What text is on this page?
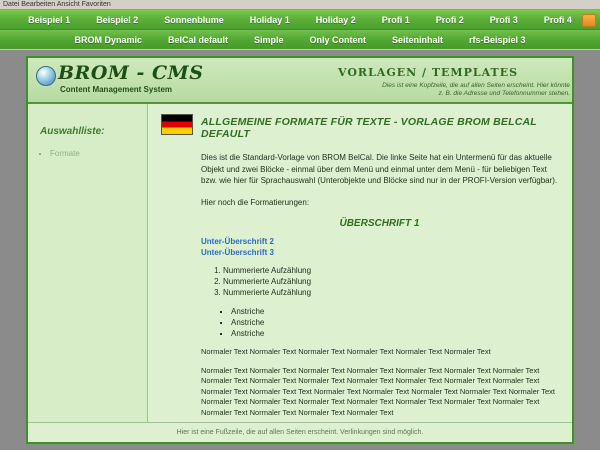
Datei Bearbeiten Ansicht Favoriten
Beispiel 1	Beispiel 2	Sonnenblume	Holiday 1	Holiday 2	Profi 1	Profi 2	Profi 3	Profi 4
BROM Dynamic	BelCal default	Simple	Only Content	Seiteninhalt	rfs-Beispiel 3
BROM - CMS
Content Management System
VORLAGEN / TEMPLATES
Dies ist eine Kopfzeile, die auf allen Seiten erscheint. Hier könnte z. B. die Adresse und Telefonnummer stehen.
Auswahlliste:
▪ Formate
ALLGEMEINE FORMATE FÜR TEXTE - VORLAGE BROM BELCAL DEFAULT

Dies ist die Standard-Vorlage von BROM BelCal. Die linke Seite hat ein Untermenü für das aktuelle Objekt und zwei Blöcke - einmal über dem Menü und einmal unter dem Menü - für beliebigen Text bzw. wie hier für Sprachauswahl (Unterobjekte und Blöcke sind nur in der PROFI-Version verfügbar).

Hier noch die Formatierungen:

ÜBERSCHRIFT 1
Unter-Überschrift 2
Unter-Überschrift 3
1. Nummerierte Aufzählung
2. Nummerierte Aufzählung
3. Nummerierte Aufzählung
▪ Anstriche
▪ Anstriche
▪ Anstriche

Normaler Text Normaler Text Normaler Text Normaler Text Normaler Text Normaler Text

Normaler Text Normaler Text Normaler Text Normaler Text Normaler Text Normaler Text Normaler Text Normaler Text Normaler Text Normaler Text Normaler Text Normaler Text Normaler Text Normaler Text Normaler Text Normaler Text Text Normaler Text Normaler Text Normaler Text Normaler Text Normaler Text Normaler Text Normaler Text Normaler Text Normaler Text Normaler Text Normaler Text Normaler Text Normaler Text Normaler Text Normaler Text Normaler Text

Hier ist eine Fußzeile, die auf allen Seiten erscheint. Verlinkungen sind möglich.
